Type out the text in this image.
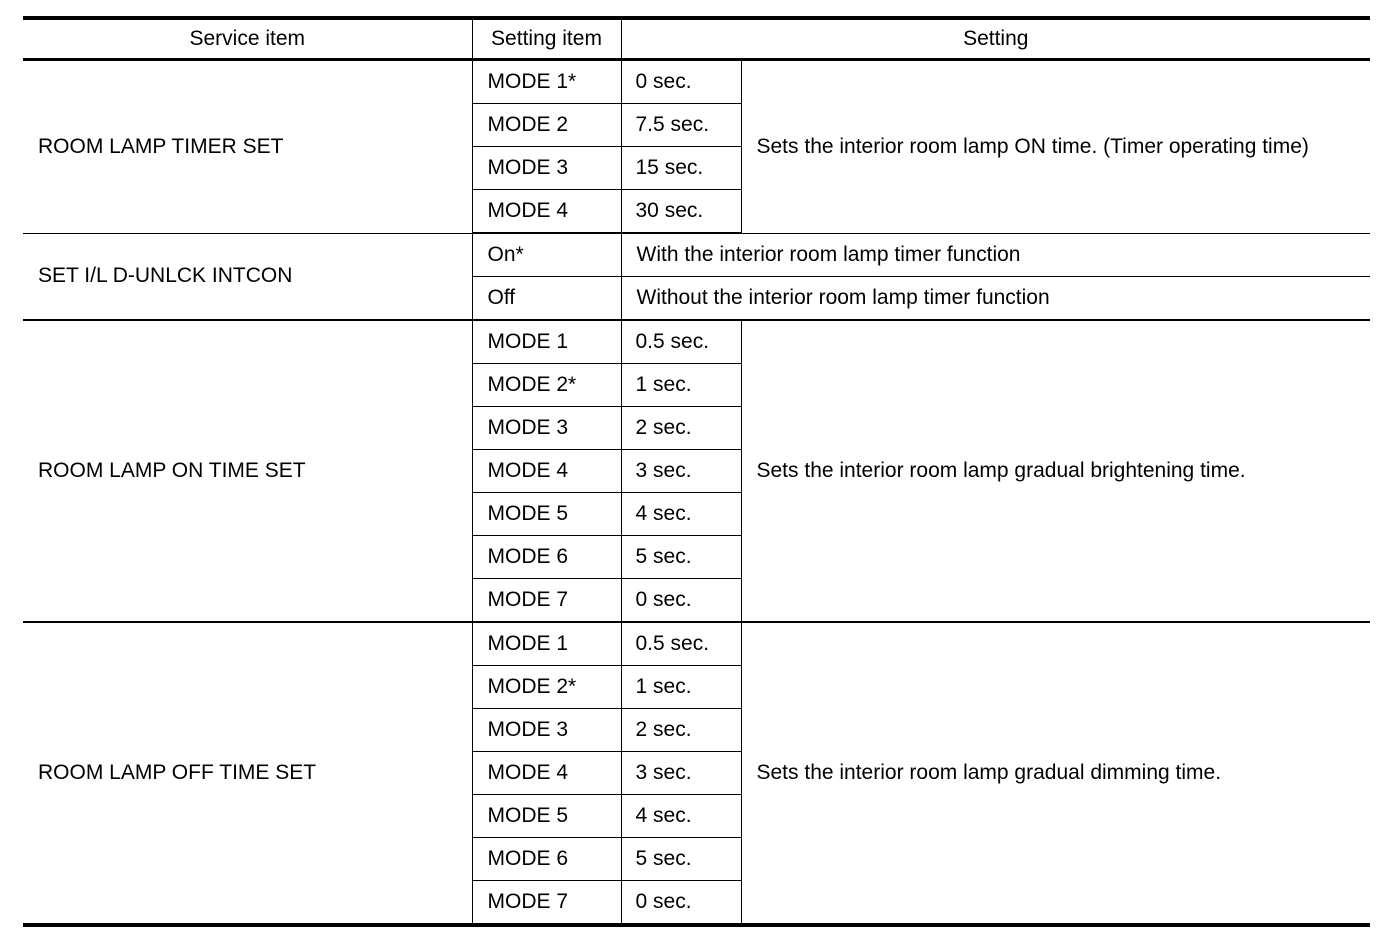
Service item	Setting item	Setting	
ROOM LAMP TIMER SET	MODE 1*	0 sec.	Sets the interior room lamp ON time. (Timer operating time)
	MODE 2	7.5 sec.	
	MODE 3	15 sec.	
	MODE 4	30 sec.	
SET I/L D-UNLCK INTCON	On*	With the interior room lamp timer function	
	Off	Without the interior room lamp timer function	
ROOM LAMP ON TIME SET	MODE 1	0.5 sec.	Sets the interior room lamp gradual brightening time.
	MODE 2*	1 sec.	
	MODE 3	2 sec.	
	MODE 4	3 sec.	
	MODE 5	4 sec.	
	MODE 6	5 sec.	
	MODE 7	0 sec.	
ROOM LAMP OFF TIME SET	MODE 1	0.5 sec.	Sets the interior room lamp gradual dimming time.
	MODE 2*	1 sec.	
	MODE 3	2 sec.	
	MODE 4	3 sec.	
	MODE 5	4 sec.	
	MODE 6	5 sec.	
	MODE 7	0 sec.	
